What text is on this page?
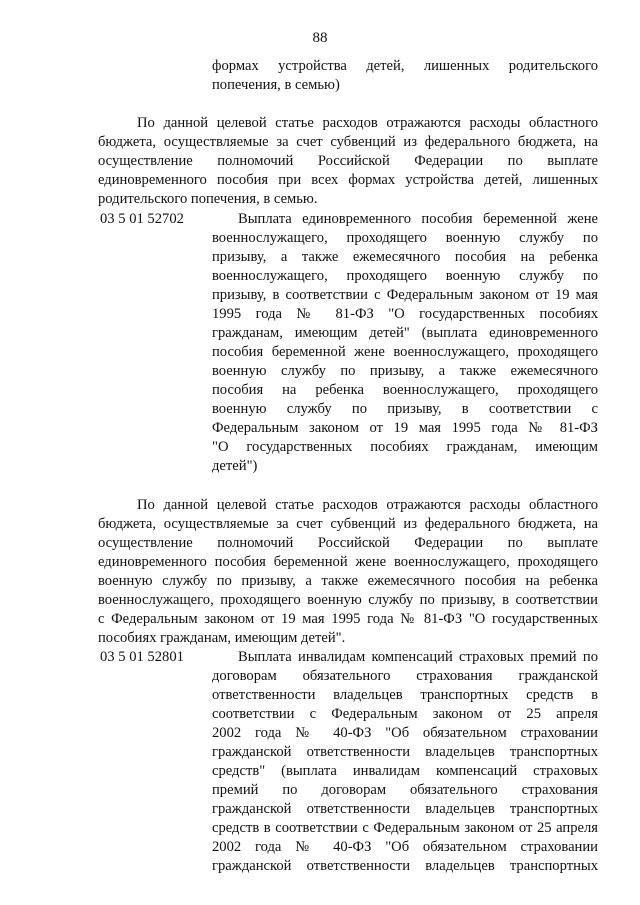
88
формах устройства детей, лишенных родительского
попечения, в семью)
По данной целевой статье расходов отражаются расходы областного
бюджета, осуществляемые за счет субвенций из федерального бюджета, на
осуществление полномочий Российской Федерации по выплате
единовременного пособия при всех формах устройства детей, лишенных
родительского попечения, в семью.
03 5 01 52702	Выплата единовременного пособия беременной жене
военнослужащего, проходящего военную службу по
призыву, а также ежемесячного пособия на ребенка
военнослужащего, проходящего военную службу по
призыву, в соответствии с Федеральным законом от 19 мая
1995 года № 81-ФЗ "О государственных пособиях
гражданам, имеющим детей" (выплата единовременного
пособия беременной жене военнослужащего, проходящего
военную службу по призыву, а также ежемесячного
пособия на ребенка военнослужащего, проходящего
военную службу по призыву, в соответствии с
Федеральным законом от 19 мая 1995 года № 81-ФЗ
"О государственных пособиях гражданам, имеющим
детей")
По данной целевой статье расходов отражаются расходы областного
бюджета, осуществляемые за счет субвенций из федерального бюджета, на
осуществление полномочий Российской Федерации по выплате
единовременного пособия беременной жене военнослужащего, проходящего
военную службу по призыву, а также ежемесячного пособия на ребенка
военнослужащего, проходящего военную службу по призыву, в соответствии
с Федеральным законом от 19 мая 1995 года № 81-ФЗ "О государственных
пособиях гражданам, имеющим детей".
03 5 01 52801	Выплата инвалидам компенсаций страховых премий по
договорам обязательного страхования гражданской
ответственности владельцев транспортных средств в
соответствии с Федеральным законом от 25 апреля
2002 года № 40-ФЗ "Об обязательном страховании
гражданской ответственности владельцев транспортных
средств" (выплата инвалидам компенсаций страховых
премий по договорам обязательного страхования
гражданской ответственности владельцев транспортных
средств в соответствии с Федеральным законом от 25 апреля
2002 года № 40-ФЗ "Об обязательном страховании
гражданской ответственности владельцев транспортных
